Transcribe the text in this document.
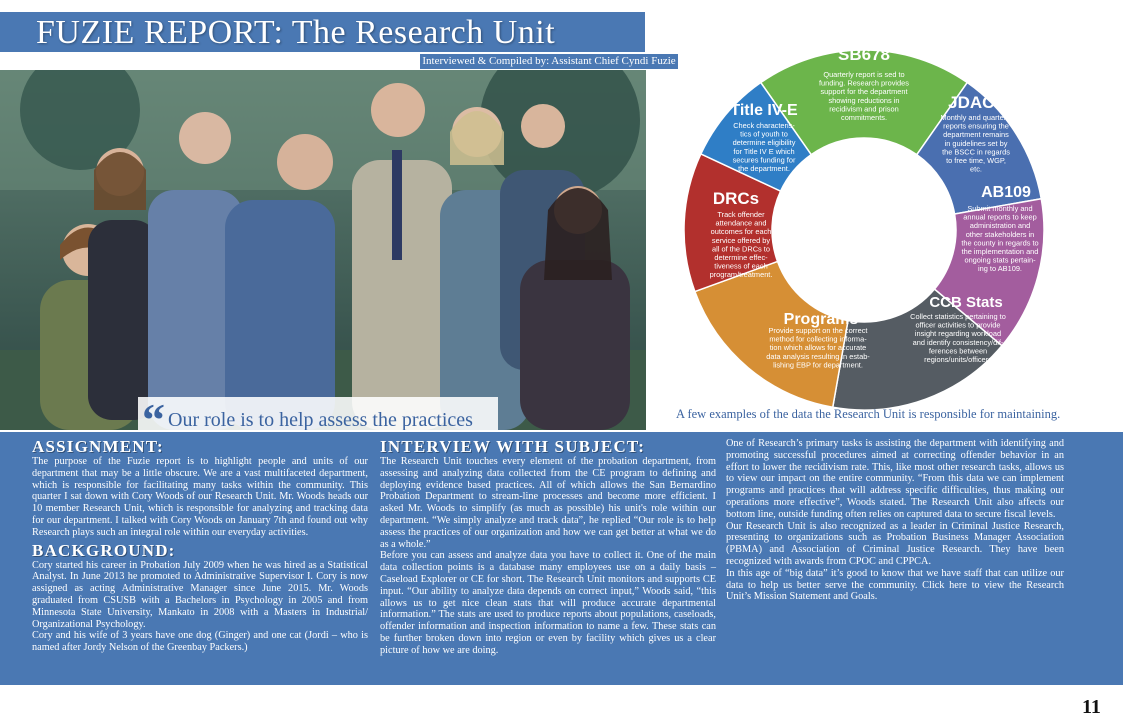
FUZIE REPORT: The Research Unit
Interviewed & Compiled by: Assistant Chief Cyndi Fuzie
“ Our role is to help assess the practices
SB678
Quarterly report is sed to
funding. Research provides
support for the department
showing reductions in
recidivism and prison
commitments.
JDACs
Monthly and quarterly
reports ensuring the
department remains
in guidelines set by
the BSCC in regards
to free time, WGP,
etc.
AB109
Submit monthly and
annual reports to keep
administration and
other stakeholders in
the county in regards to
the implementation and
ongoing stats pertain-
ing to AB109.
CCB Stats
Collect statistics pertaining to
officer activities to provide
insight regarding workload
and identify consistency/dif-
ferences between
regions/units/officers
Programs
Provide support on the correct
method for collecting informa-
tion which allows for accurate
data analysis resulting in estab-
lishing EBP for department.
DRCs
Track offender
attendance and
outcomes for each
service offered by
all of the DRCs to
determine effec-
tiveness of each
program/treatment.
Title IV-E
Check characteris-
tics of youth to
determine eligibility
for Title IV E which
secures funding for
the department.
A few examples of the data the Research Unit is responsible for maintaining.
ASSIGNMENT:

The purpose of the Fuzie report is to highlight people and units of our department that may be a little obscure. We are a vast multifaceted department, which is responsible for facilitating many tasks within the community. This quarter I sat down with Cory Woods of our Research Unit. Mr. Woods heads our 10 member Research Unit, which is responsible for analyzing and tracking data for our department. I talked with Cory Woods on January 7th and found out why Research plays such an integral role within our everyday activities.

BACKGROUND:

Cory started his career in Probation July 2009 when he was hired as a Statistical Analyst. In June 2013 he promoted to Administrative Supervisor I. Cory is now assigned as acting Administrative Manager since June 2015. Mr. Woods graduated from CSUSB with a Bachelors in Psychology in 2005 and from Minnesota State University, Mankato in 2008 with a Masters in Industrial/ Organizational Psychology.

Cory and his wife of 3 years have one dog (Ginger) and one cat (Jordi – who is named after Jordy Nelson of the Greenbay Packers.)

INTERVIEW WITH SUBJECT:

The Research Unit touches every element of the probation department, from assessing and analyzing data collected from the CE program to defining and deploying evidence based practices. All of which allows the San Bernardino Probation Department to stream-line processes and become more efficient. I asked Mr. Woods to simplify (as much as possible) his unit's role within our department. “We simply analyze and track data”, he replied “Our role is to help assess the practices of our organization and how we can get better at what we do as a whole.”

Before you can assess and analyze data you have to collect it. One of the main data collection points is a database many employees use on a daily basis – Caseload Explorer or CE for short. The Research Unit monitors and supports CE input. “Our ability to analyze data depends on correct input,” Woods said, “this allows us to get nice clean stats that will produce accurate departmental information.” The stats are used to produce reports about populations, caseloads, offender information and inspection information to name a few. These stats can be further broken down into region or even by facility which gives us a clear picture of how we are doing.

One of Research’s primary tasks is assisting the department with identifying and promoting successful procedures aimed at correcting offender behavior in an effort to lower the recidivism rate. This, like most other research tasks, allows us to view our impact on the entire community. “From this data we can implement programs and practices that will address specific difficulties, thus making our operations more effective”, Woods stated. The Research Unit also affects our bottom line, outside funding often relies on captured data to secure fiscal levels.

Our Research Unit is also recognized as a leader in Criminal Justice Research, presenting to organizations such as Probation Business Manager Association (PBMA) and Association of Criminal Justice Research. They have been recognized with awards from CPOC and CPPCA.

In this age of “big data” it’s good to know that we have staff that can utilize our data to help us better serve the community. Click here to view the Research Unit’s Mission Statement and Goals.

11
